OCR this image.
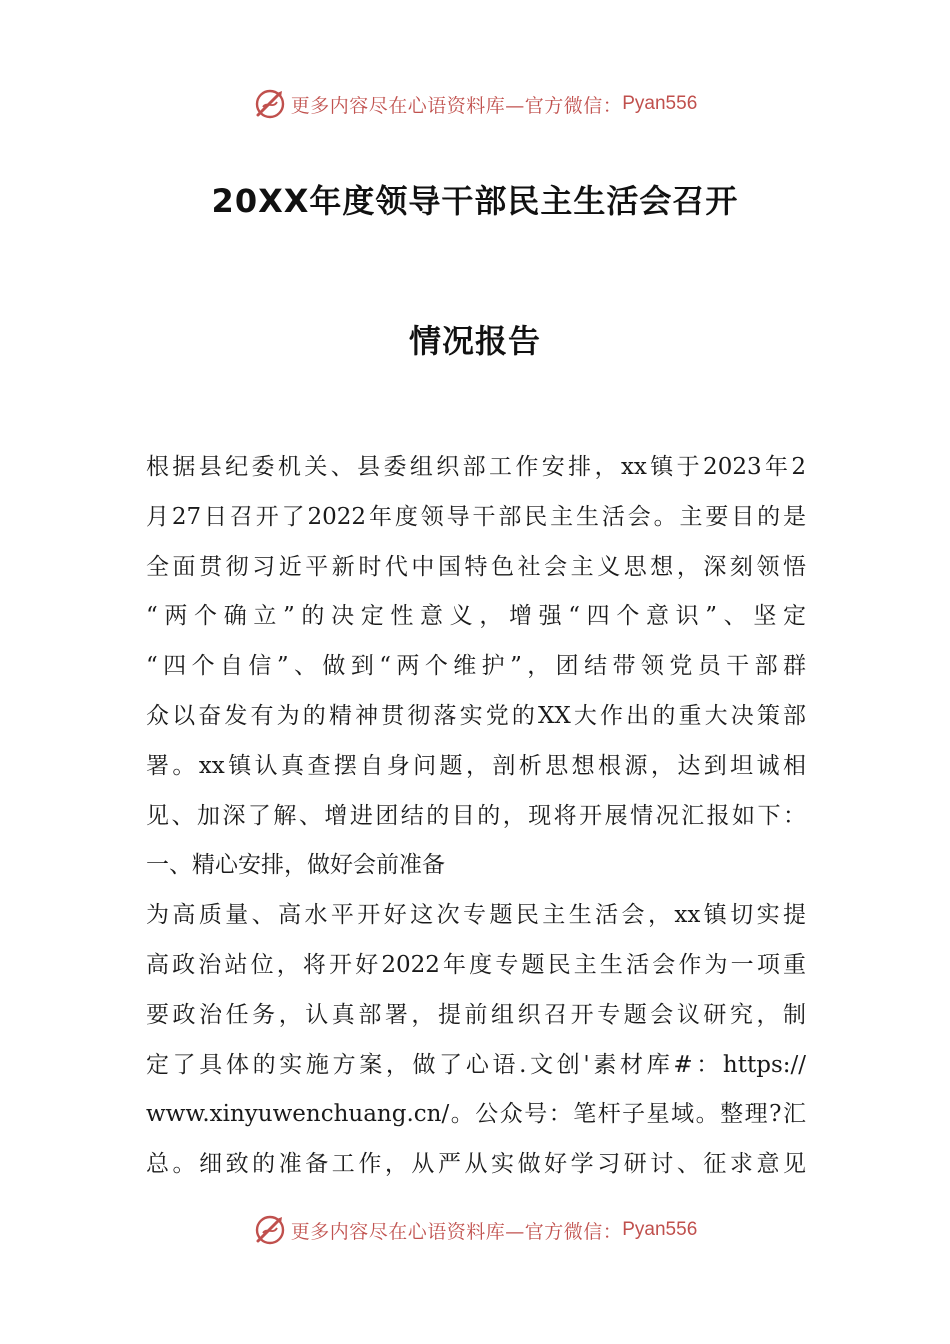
更多内容尽在心语资料库—官方微信： Pyan556
20XX年度领导干部民主生活会召开
情况报告
根据县纪委机关、县委组织部工作安排，xx镇于2023年2
月27日召开了2022年度领导干部民主生活会。主要目的是
全面贯彻习近平新时代中国特色社会主义思想，深刻领悟
“两个确立”的决定性意义，增强“四个意识”、坚定
“四个自信”、做到“两个维护”，团结带领党员干部群
众以奋发有为的精神贯彻落实党的XX大作出的重大决策部
署。xx镇认真查摆自身问题，剖析思想根源，达到坦诚相
见、加深了解、增进团结的目的，现将开展情况汇报如下：
一、精心安排，做好会前准备
为高质量、高水平开好这次专题民主生活会，xx镇切实提
高政治站位，将开好2022年度专题民主生活会作为一项重
要政治任务，认真部署，提前组织召开专题会议研究，制
定了具体的实施方案，做了心语.文创'素材库#：https://
www.xinyuwenchuang.cn/。公众号：笔杆子星域。整理?汇
总。细致的准备工作，从严从实做好学习研讨、征求意见
更多内容尽在心语资料库—官方微信： Pyan556
